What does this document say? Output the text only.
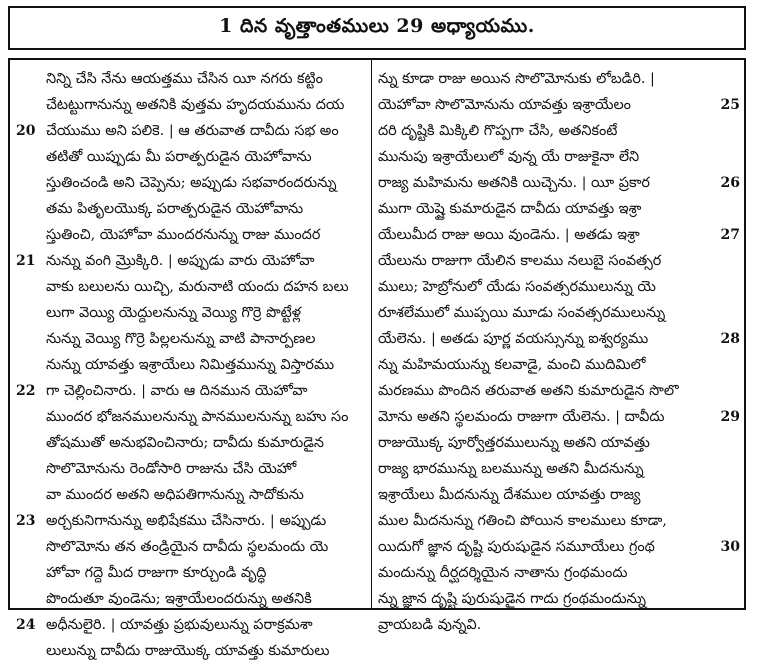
1 దిన వృత్తాంతములు 29 అధ్యాయము.
నిన్ని చేసి నేను ఆయత్తము చేసిన యీ నగరు కట్టిం
చేటట్టుగానున్ను అతనికి వుత్తమ హృదయమును దయ
20 చేయుము అని పలికె. | ఆ తరువాత దావీదు సభ అం
తటితో యిప్పుడు మీ పరాత్పరుడైన యెహోవాను
స్తుతించండి అని చెప్పెను; అప్పుడు సభవారందరున్ను
తమ పితృలయొక్క పరాత్పరుడైన యెహోవాను
స్తుతించి, యెహోవా ముందరనున్ను రాజు ముందర
21 నున్ను వంగి మ్రొక్కిరి. | అప్పుడు వారు యెహోవా
వాకు బలులను యిచ్చి, మరునాటి యందు దహన బలు
లుగా వెయ్యి యెద్దులనున్ను వెయ్యి గొర్రె పొట్టేళ్ల
నున్ను వెయ్యి గొర్రె పిల్లలనున్ను వాటి పానార్పణల
నున్ను యావత్తు ఇశ్రాయేలు నిమిత్తమున్ను విస్తారము
22 గా చెల్లించినారు. | వారు ఆ దినమున యెహోవా
ముందర భోజనములనున్ను పానములనున్ను బహు సం
తోషముతో అనుభవించినారు; దావీదు కుమారుడైన
సొలొమోనును రెండోసారి రాజును చేసి యెహో
వా ముందర అతని అధిపతిగానున్ను సాదోకును
23 అర్చకునిగానున్ను అభిషేకము చేసినారు. | అప్పుడు
సొలొమోను తన తండ్రియైన దావీదు స్థలమందు యె
హోవా గద్దె మీద రాజుగా కూర్చుండి వృద్ధి
పొందుతూ వుండెను; ఇశ్రాయేలందరున్ను అతనికి
24 అధీనులైరి. | యావత్తు ప్రభువులున్ను పరాక్రమశా
లులున్ను దావీదు రాజుయొక్క యావత్తు కుమారులు
న్ను కూడా రాజు అయిన సొలొమోనుకు లోబడిరి. |
25
యెహోవా సొలొమోనును యావత్తు ఇశ్రాయేలం
దరి దృష్టికి మిక్కిలి గొప్పగా చేసి, అతనికంటే
మునుపు ఇశ్రాయేలులో వున్న యే రాజుకైనా లేని
26
రాజ్య మహిమను అతనికి యిచ్చెను. | యీ ప్రకార
ముగా యెష్షై కుమారుడైన దావీదు యావత్తు ఇశ్రా
27
యేలుమీద రాజు అయి వుండెను. | అతడు ఇశ్రా
యేలును రాజుగా యేలిన కాలము నలుబై సంవత్సర
ములు; హెబ్రోనులో యేడు సంవత్సరములున్ను యె
రూశలేములో ముప్పయి మూడు సంవత్సరములున్ను
28
యేలెను. | అతడు పూర్ణ వయస్సున్ను ఐశ్వర్యము
న్ను మహిమయున్ను కలవాడై, మంచి ముదిమిలో
మరణము పొందిన తరువాత అతని కుమారుడైన సొలొ
29
మోను అతని స్థలమందు రాజుగా యేలెను. | దావీదు
రాజుయొక్క పూర్వోత్తరములున్ను అతని యావత్తు
రాజ్య భారమున్ను బలమున్ను అతని మీదనున్ను
ఇశ్రాయేలు మీదనున్ను దేశముల యావత్తు రాజ్య
ముల మీదనున్ను గతించి పోయిన కాలములు కూడా,
30
యిదుగో జ్ఞాన దృష్టి పురుషుడైన సమూయేలు గ్రంథ
మందున్ను దీర్ఘదర్శియైన నాతాను గ్రంథమందు
న్ను జ్ఞాన దృష్టి పురుషుడైన గాదు గ్రంథమందున్ను
వ్రాయబడి వున్నవి.
